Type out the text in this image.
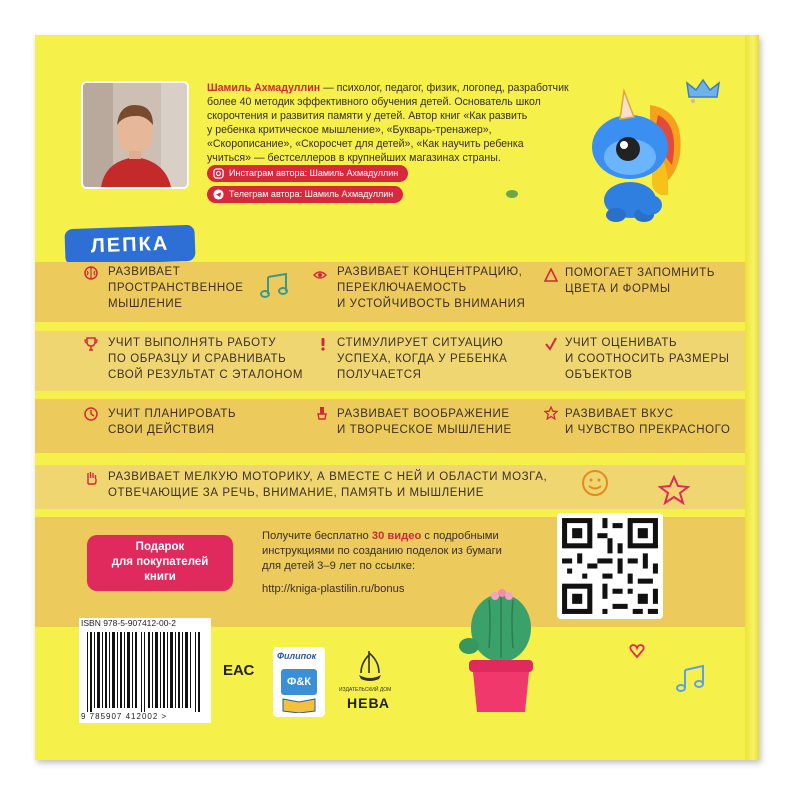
Шамиль Ахмадуллин — психолог, педагог, физик, логопед, разработчик
более 40 методик эффективного обучения детей. Основатель школ
скорочтения и развития памяти у детей. Автор книг «Как развить
у ребенка критическое мышление», «Букварь-тренажер»,
«Скорописание», «Скоросчет для детей», «Как научить ребенка
учиться» — бестселлеров в крупнейших магазинах страны.
Инстаграм автора: Шамиль Ахмадуллин
Телеграм автора: Шамиль Ахмадуллин
ЛЕПКА
РАЗВИВАЕТ
ПРОСТРАНСТВЕННОЕ
МЫШЛЕНИЕ
РАЗВИВАЕТ КОНЦЕНТРАЦИЮ,
ПЕРЕКЛЮЧАЕМОСТЬ
И УСТОЙЧИВОСТЬ ВНИМАНИЯ
ПОМОГАЕТ ЗАПОМНИТЬ
ЦВЕТА И ФОРМЫ
УЧИТ ВЫПОЛНЯТЬ РАБОТУ
ПО ОБРАЗЦУ И СРАВНИВАТЬ
СВОЙ РЕЗУЛЬТАТ С ЭТАЛОНОМ
СТИМУЛИРУЕТ СИТУАЦИЮ
УСПЕХА, КОГДА У РЕБЕНКА
ПОЛУЧАЕТСЯ
УЧИТ ОЦЕНИВАТЬ
И СООТНОСИТЬ РАЗМЕРЫ
ОБЪЕКТОВ
УЧИТ ПЛАНИРОВАТЬ
СВОИ ДЕЙСТВИЯ
РАЗВИВАЕТ ВООБРАЖЕНИЕ
И ТВОРЧЕСКОЕ МЫШЛЕНИЕ
РАЗВИВАЕТ ВКУС
И ЧУВСТВО ПРЕКРАСНОГО
РАЗВИВАЕТ МЕЛКУЮ МОТОРИКУ, А ВМЕСТЕ С НЕЙ И ОБЛАСТИ МОЗГА,
ОТВЕЧАЮЩИЕ ЗА РЕЧЬ, ВНИМАНИЕ, ПАМЯТЬ И МЫШЛЕНИЕ
Подарок
для покупателей
книги
Получите бесплатно 30 видео с подробными
инструкциями по созданию поделок из бумаги
для детей 3–9 лет по ссылке:
http://kniga-plastilin.ru/bonus
ISBN 978-5-907412-00-2
9 785907 412002 >
ЕАС
Филипок
Ф&К
ИЗДАТЕЛЬСКИЙ ДОМ
НЕВА
